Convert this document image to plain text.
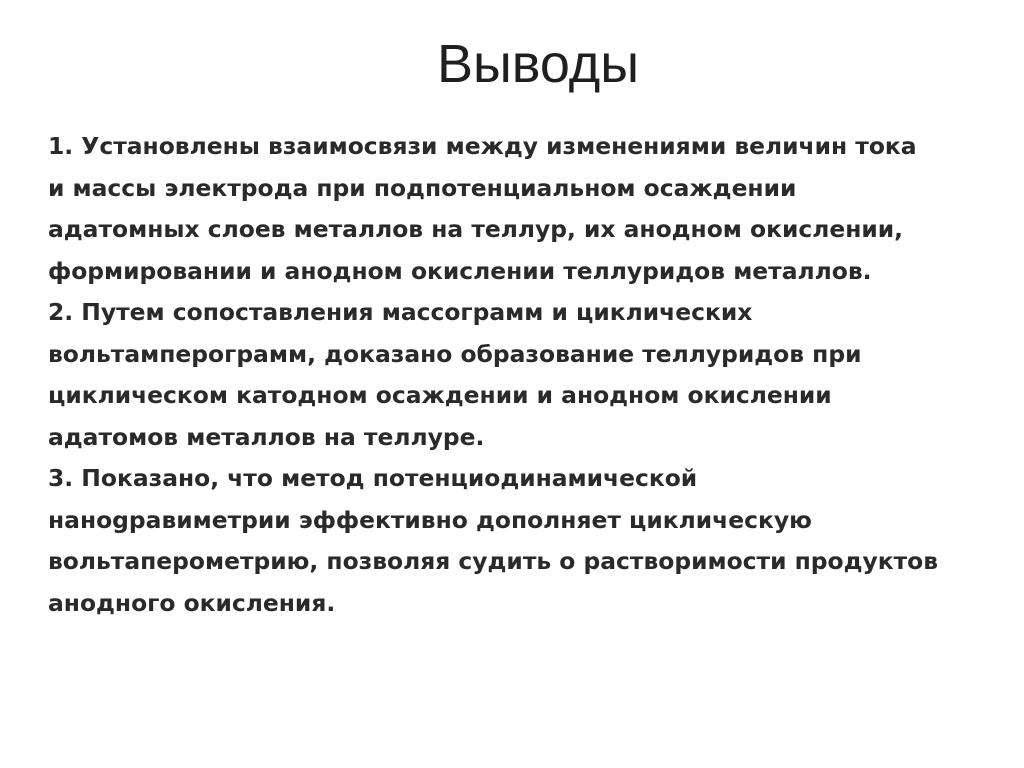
Выводы
1. Установлены взаимосвязи между изменениями величин тока
и массы электрода при подпотенциальном осаждении
адатомных слоев металлов на теллур, их анодном окислении,
формировании и анодном окислении теллуридов металлов.
2. Путем сопоставления массограмм и циклических
вольтамперограмм, доказано образование теллуридов при
циклическом катодном осаждении и анодном окислении
адатомов металлов на теллуре.
3. Показано, что метод потенциодинамической
нанogравиметрии эффективно дополняет циклическую
вольтаперометрию, позволяя судить о растворимости продуктов
анодного окисления.
